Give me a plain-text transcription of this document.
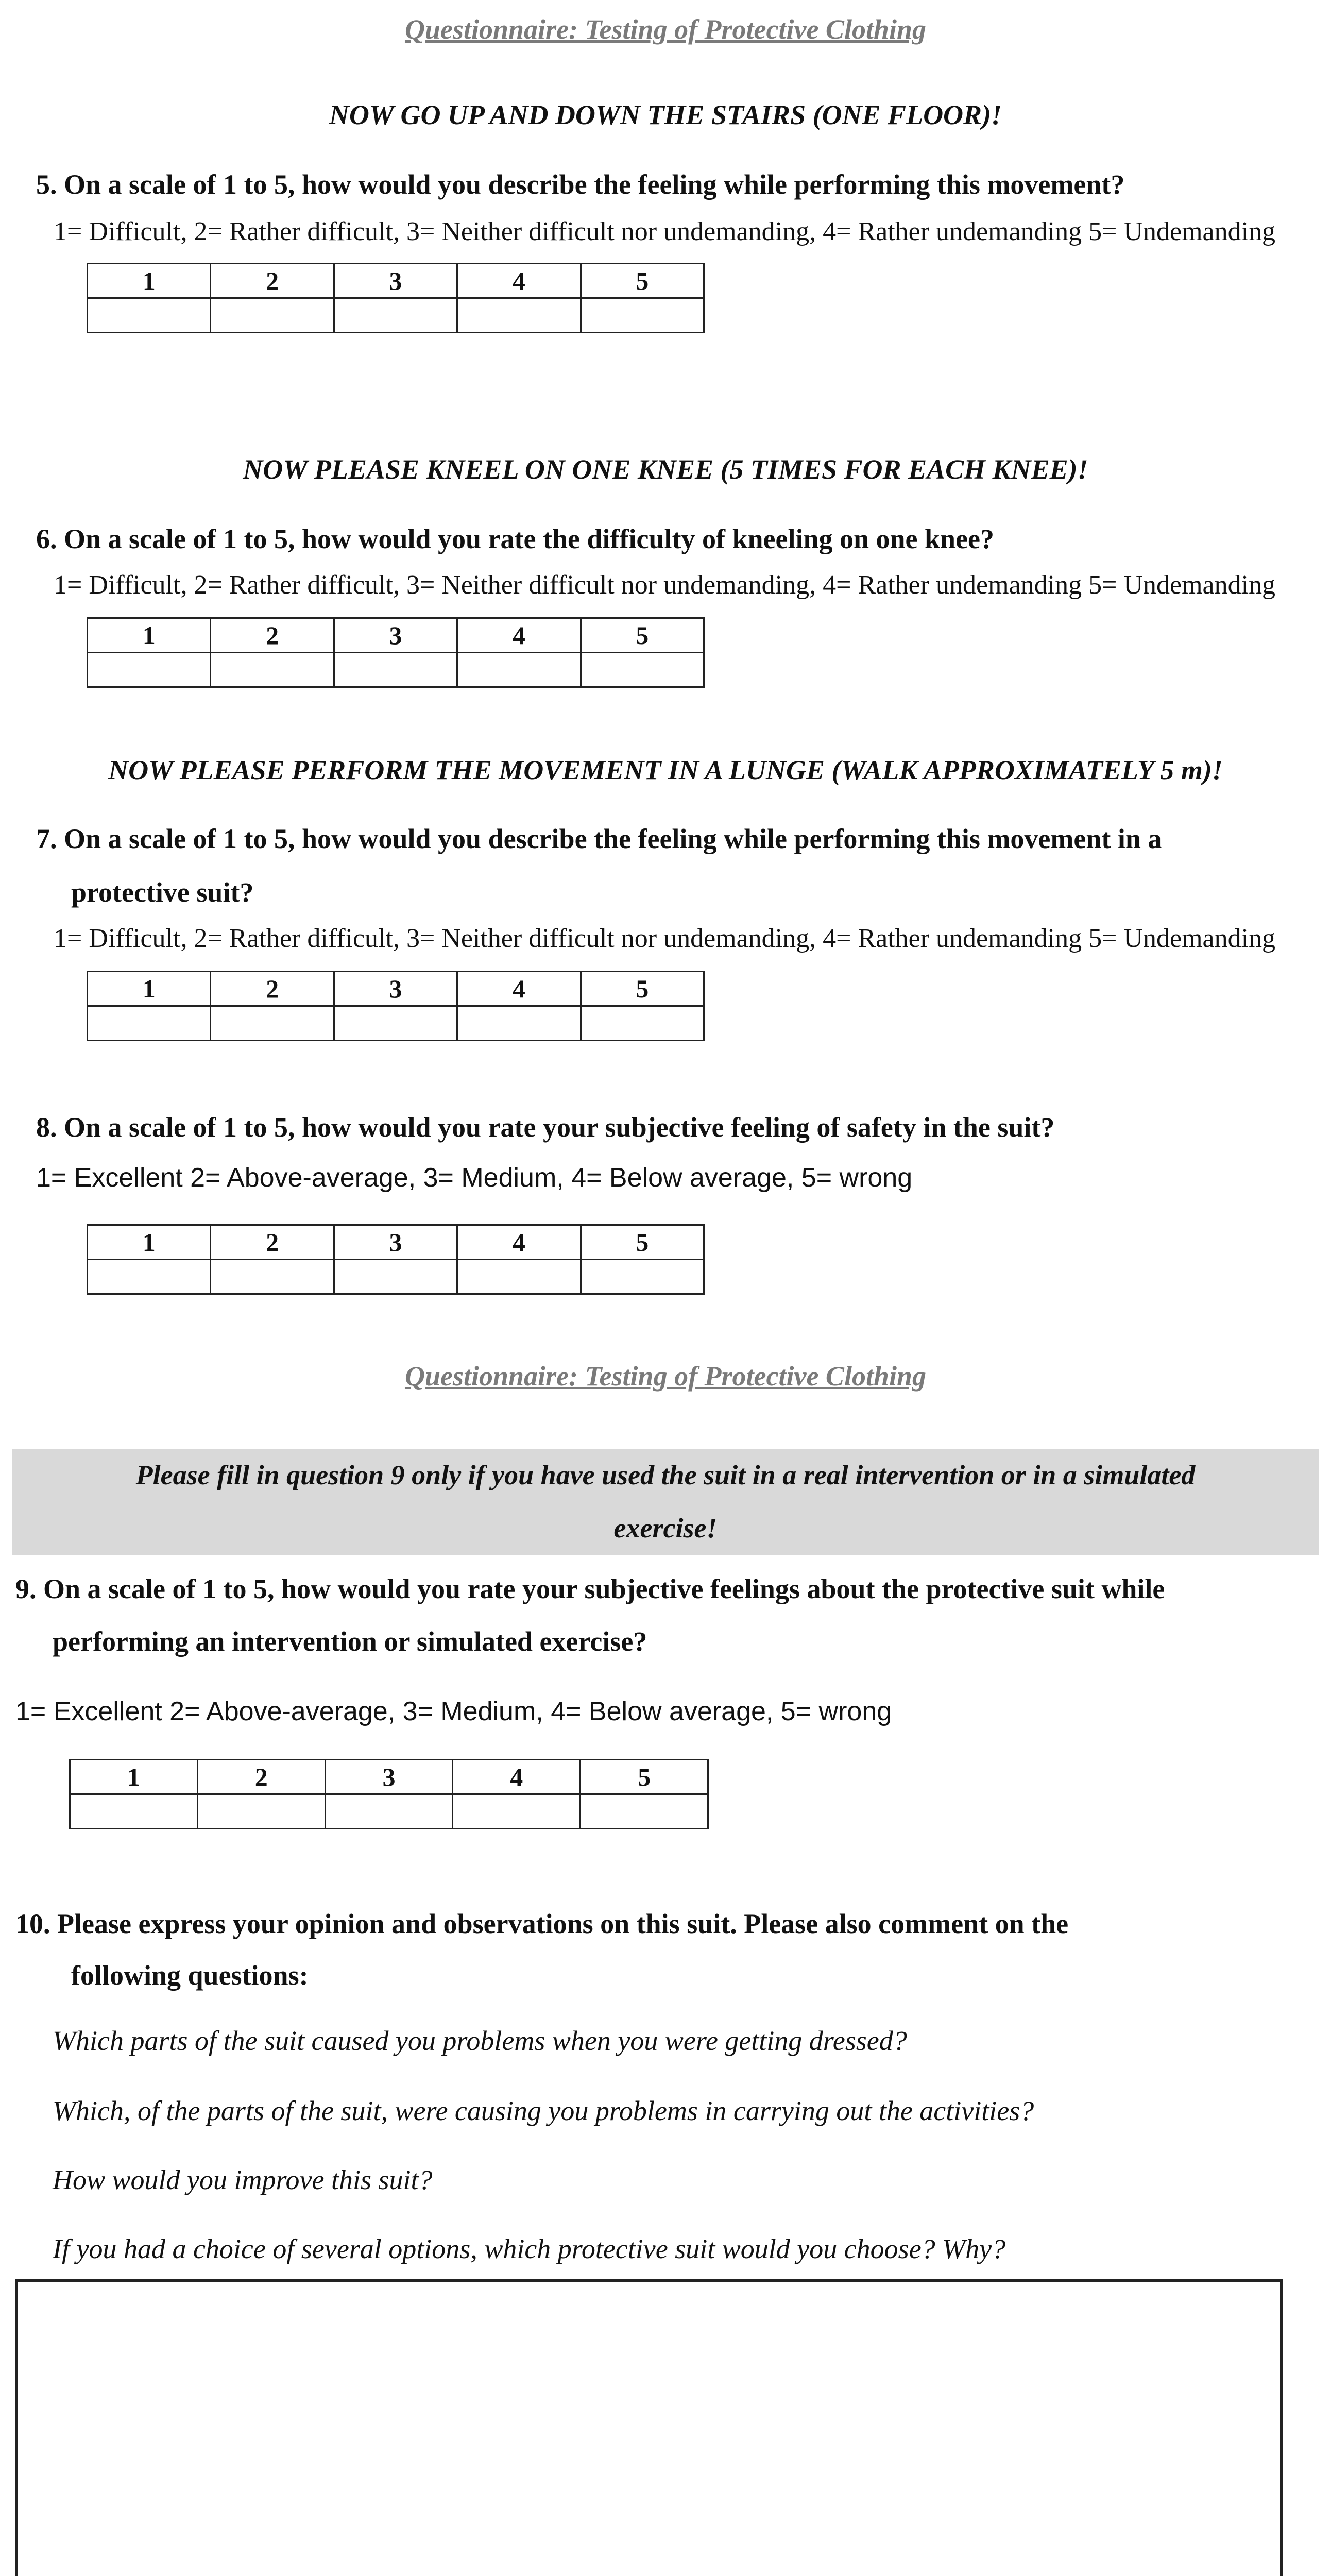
Questionnaire: Testing of Protective Clothing
NOW GO UP AND DOWN THE STAIRS (ONE FLOOR)!
5. On a scale of 1 to 5, how would you describe the feeling while performing this movement?
1= Difficult, 2= Rather difficult, 3= Neither difficult nor undemanding, 4= Rather undemanding 5= Undemanding
1	2	3	4	5

NOW PLEASE KNEEL ON ONE KNEE (5 TIMES FOR EACH KNEE)!
6. On a scale of 1 to 5, how would you rate the difficulty of kneeling on one knee?
1= Difficult, 2= Rather difficult, 3= Neither difficult nor undemanding, 4= Rather undemanding 5= Undemanding
1	2	3	4	5

NOW PLEASE PERFORM THE MOVEMENT IN A LUNGE (WALK APPROXIMATELY 5 m)!
7. On a scale of 1 to 5, how would you describe the feeling while performing this movement in a
protective suit?
1= Difficult, 2= Rather difficult, 3= Neither difficult nor undemanding, 4= Rather undemanding 5= Undemanding
1	2	3	4	5

8. On a scale of 1 to 5, how would you rate your subjective feeling of safety in the suit?
1= Excellent 2= Above-average, 3= Medium, 4= Below average, 5= wrong
1	2	3	4	5

Questionnaire: Testing of Protective Clothing
Please fill in question 9 only if you have used the suit in a real intervention or in a simulated
exercise!
9. On a scale of 1 to 5, how would you rate your subjective feelings about the protective suit while
performing an intervention or simulated exercise?
1= Excellent 2= Above-average, 3= Medium, 4= Below average, 5= wrong
1	2	3	4	5

10. Please express your opinion and observations on this suit. Please also comment on the
following questions:
Which parts of the suit caused you problems when you were getting dressed?
Which, of the parts of the suit, were causing you problems in carrying out the activities?
How would you improve this suit?
If you had a choice of several options, which protective suit would you choose? Why?
